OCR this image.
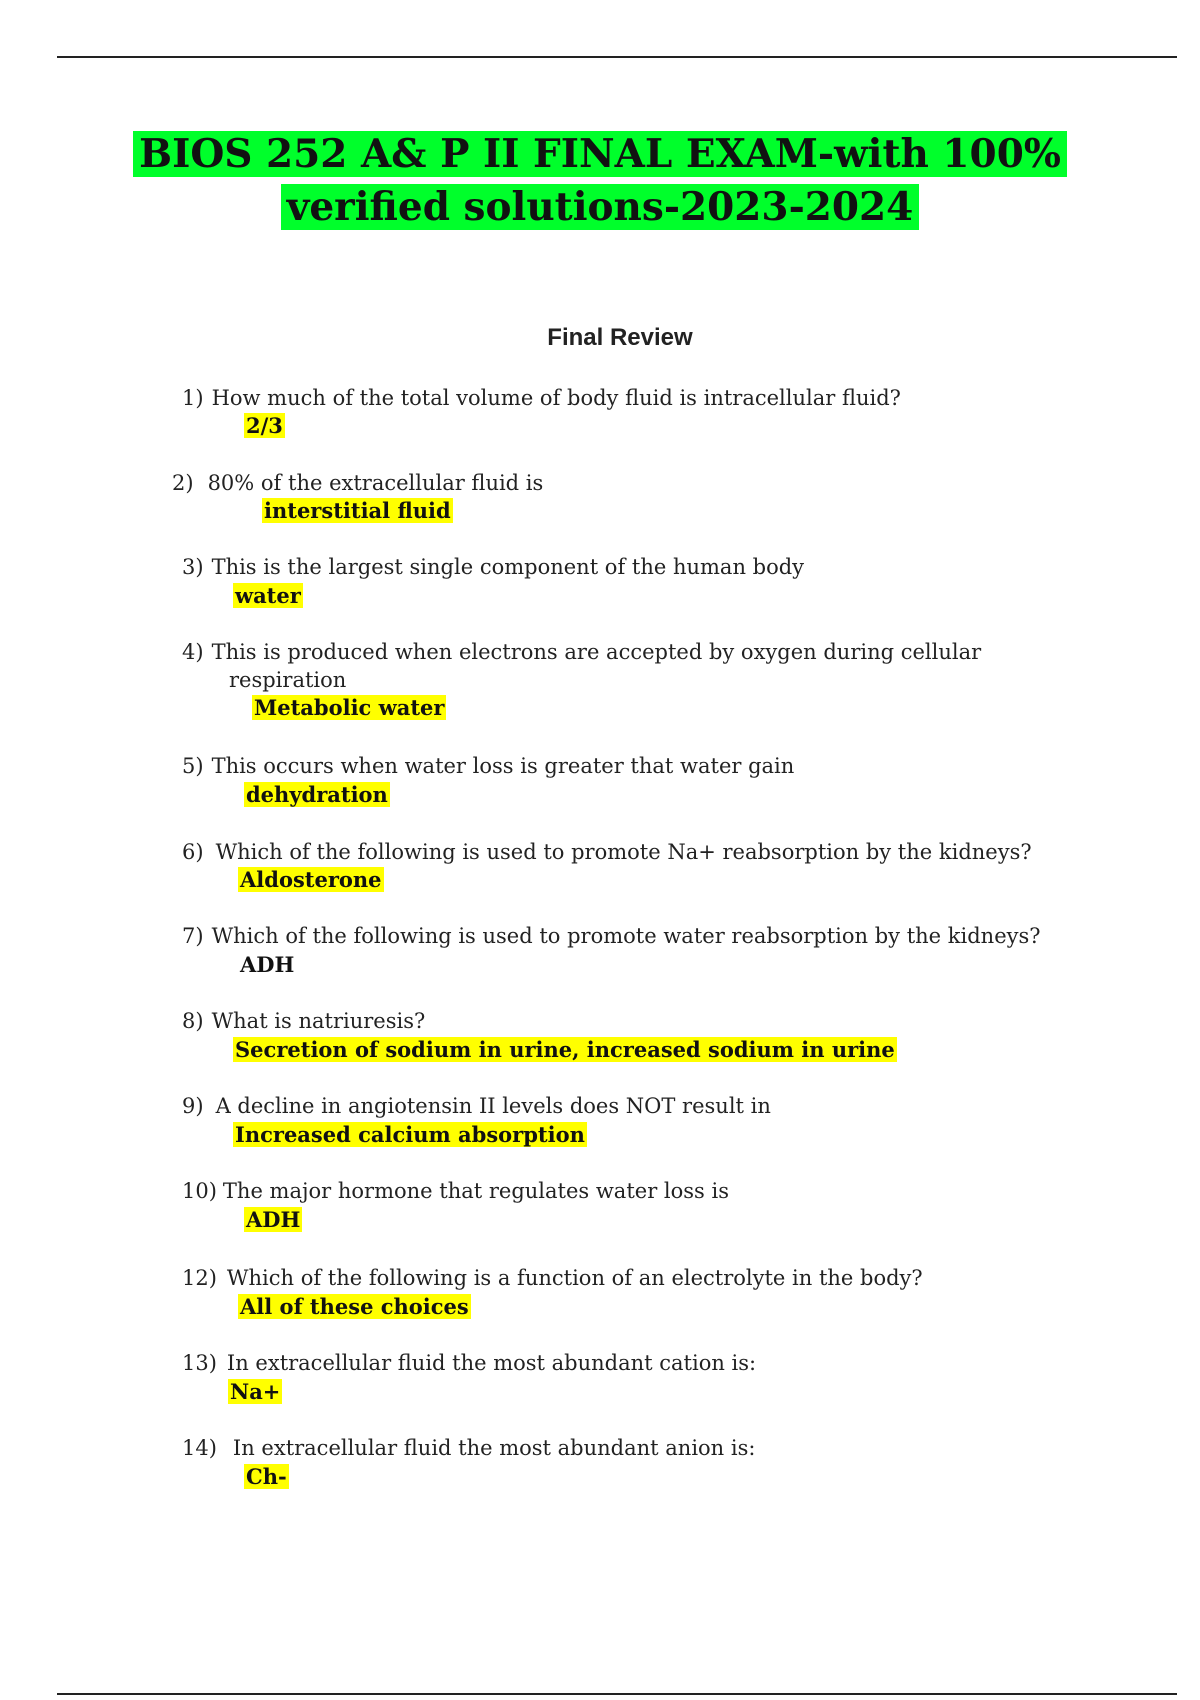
BIOS 252 A& P II FINAL EXAM-with 100%
verified solutions-2023-2024
Final Review
1) How much of the total volume of body fluid is intracellular fluid?
2/3
2) 80% of the extracellular fluid is
interstitial fluid
3) This is the largest single component of the human body
water
4) This is produced when electrons are accepted by oxygen during cellular
respiration
Metabolic water
5) This occurs when water loss is greater that water gain
dehydration
6) Which of the following is used to promote Na+ reabsorption by the kidneys?
Aldosterone
7) Which of the following is used to promote water reabsorption by the kidneys?
ADH
8) What is natriuresis?
Secretion of sodium in urine, increased sodium in urine
9) A decline in angiotensin II levels does NOT result in
Increased calcium absorption
10) The major hormone that regulates water loss is
ADH
12) Which of the following is a function of an electrolyte in the body?
All of these choices
13) In extracellular fluid the most abundant cation is:
Na+
14) In extracellular fluid the most abundant anion is:
Ch-
